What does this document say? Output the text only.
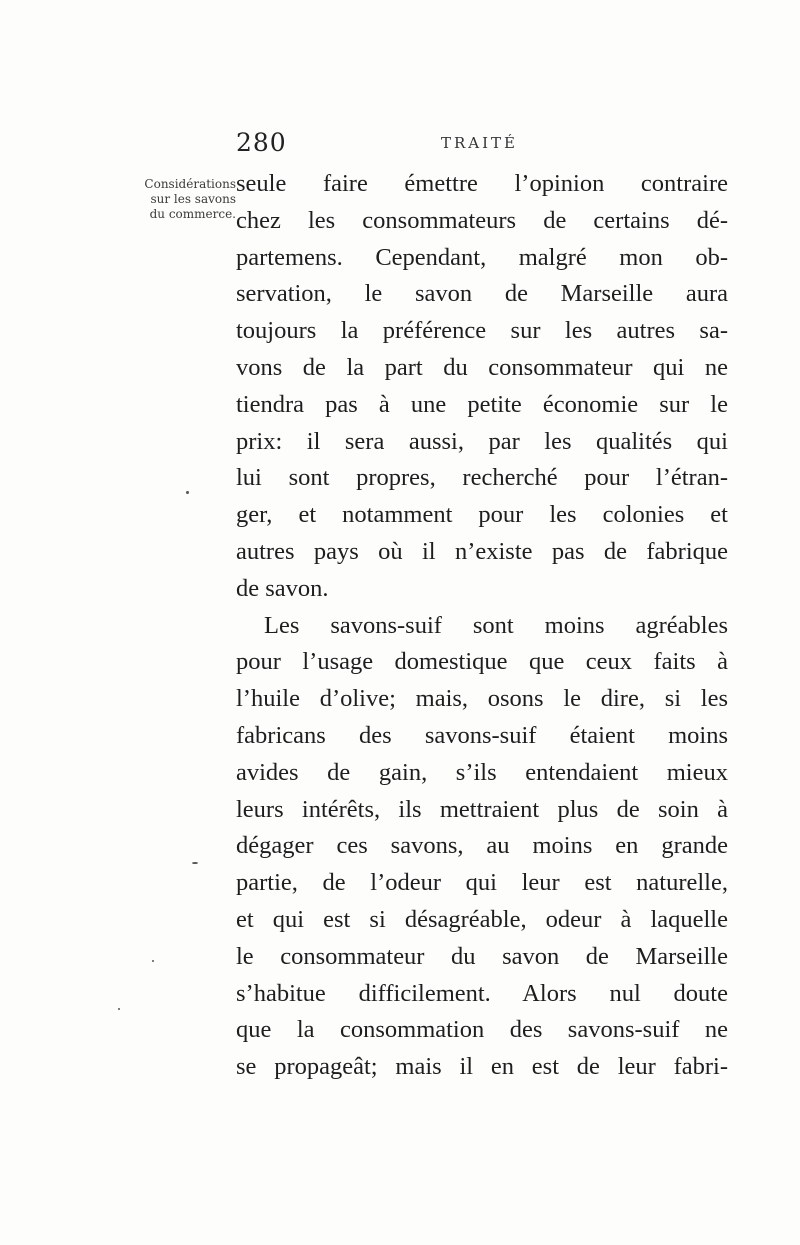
280	TRAITÉ
Considérations
sur les savons
du commerce.
seule faire émettre l’opinion contraire
chez les consommateurs de certains dé-
partemens. Cependant, malgré mon ob-
servation, le savon de Marseille aura
toujours la préférence sur les autres sa-
vons de la part du consommateur qui ne
tiendra pas à une petite économie sur le
prix: il sera aussi, par les qualités qui
lui sont propres, recherché pour l’étran-
ger, et notamment pour les colonies et
autres pays où il n’existe pas de fabrique
de savon.
Les savons-suif sont moins agréables
pour l’usage domestique que ceux faits à
l’huile d’olive; mais, osons le dire, si les
fabricans des savons-suif étaient moins
avides de gain, s’ils entendaient mieux
leurs intérêts, ils mettraient plus de soin à
dégager ces savons, au moins en grande
partie, de l’odeur qui leur est naturelle,
et qui est si désagréable, odeur à laquelle
le consommateur du savon de Marseille
s’habitue difficilement. Alors nul doute
que la consommation des savons-suif ne
se propageât; mais il en est de leur fabri-
